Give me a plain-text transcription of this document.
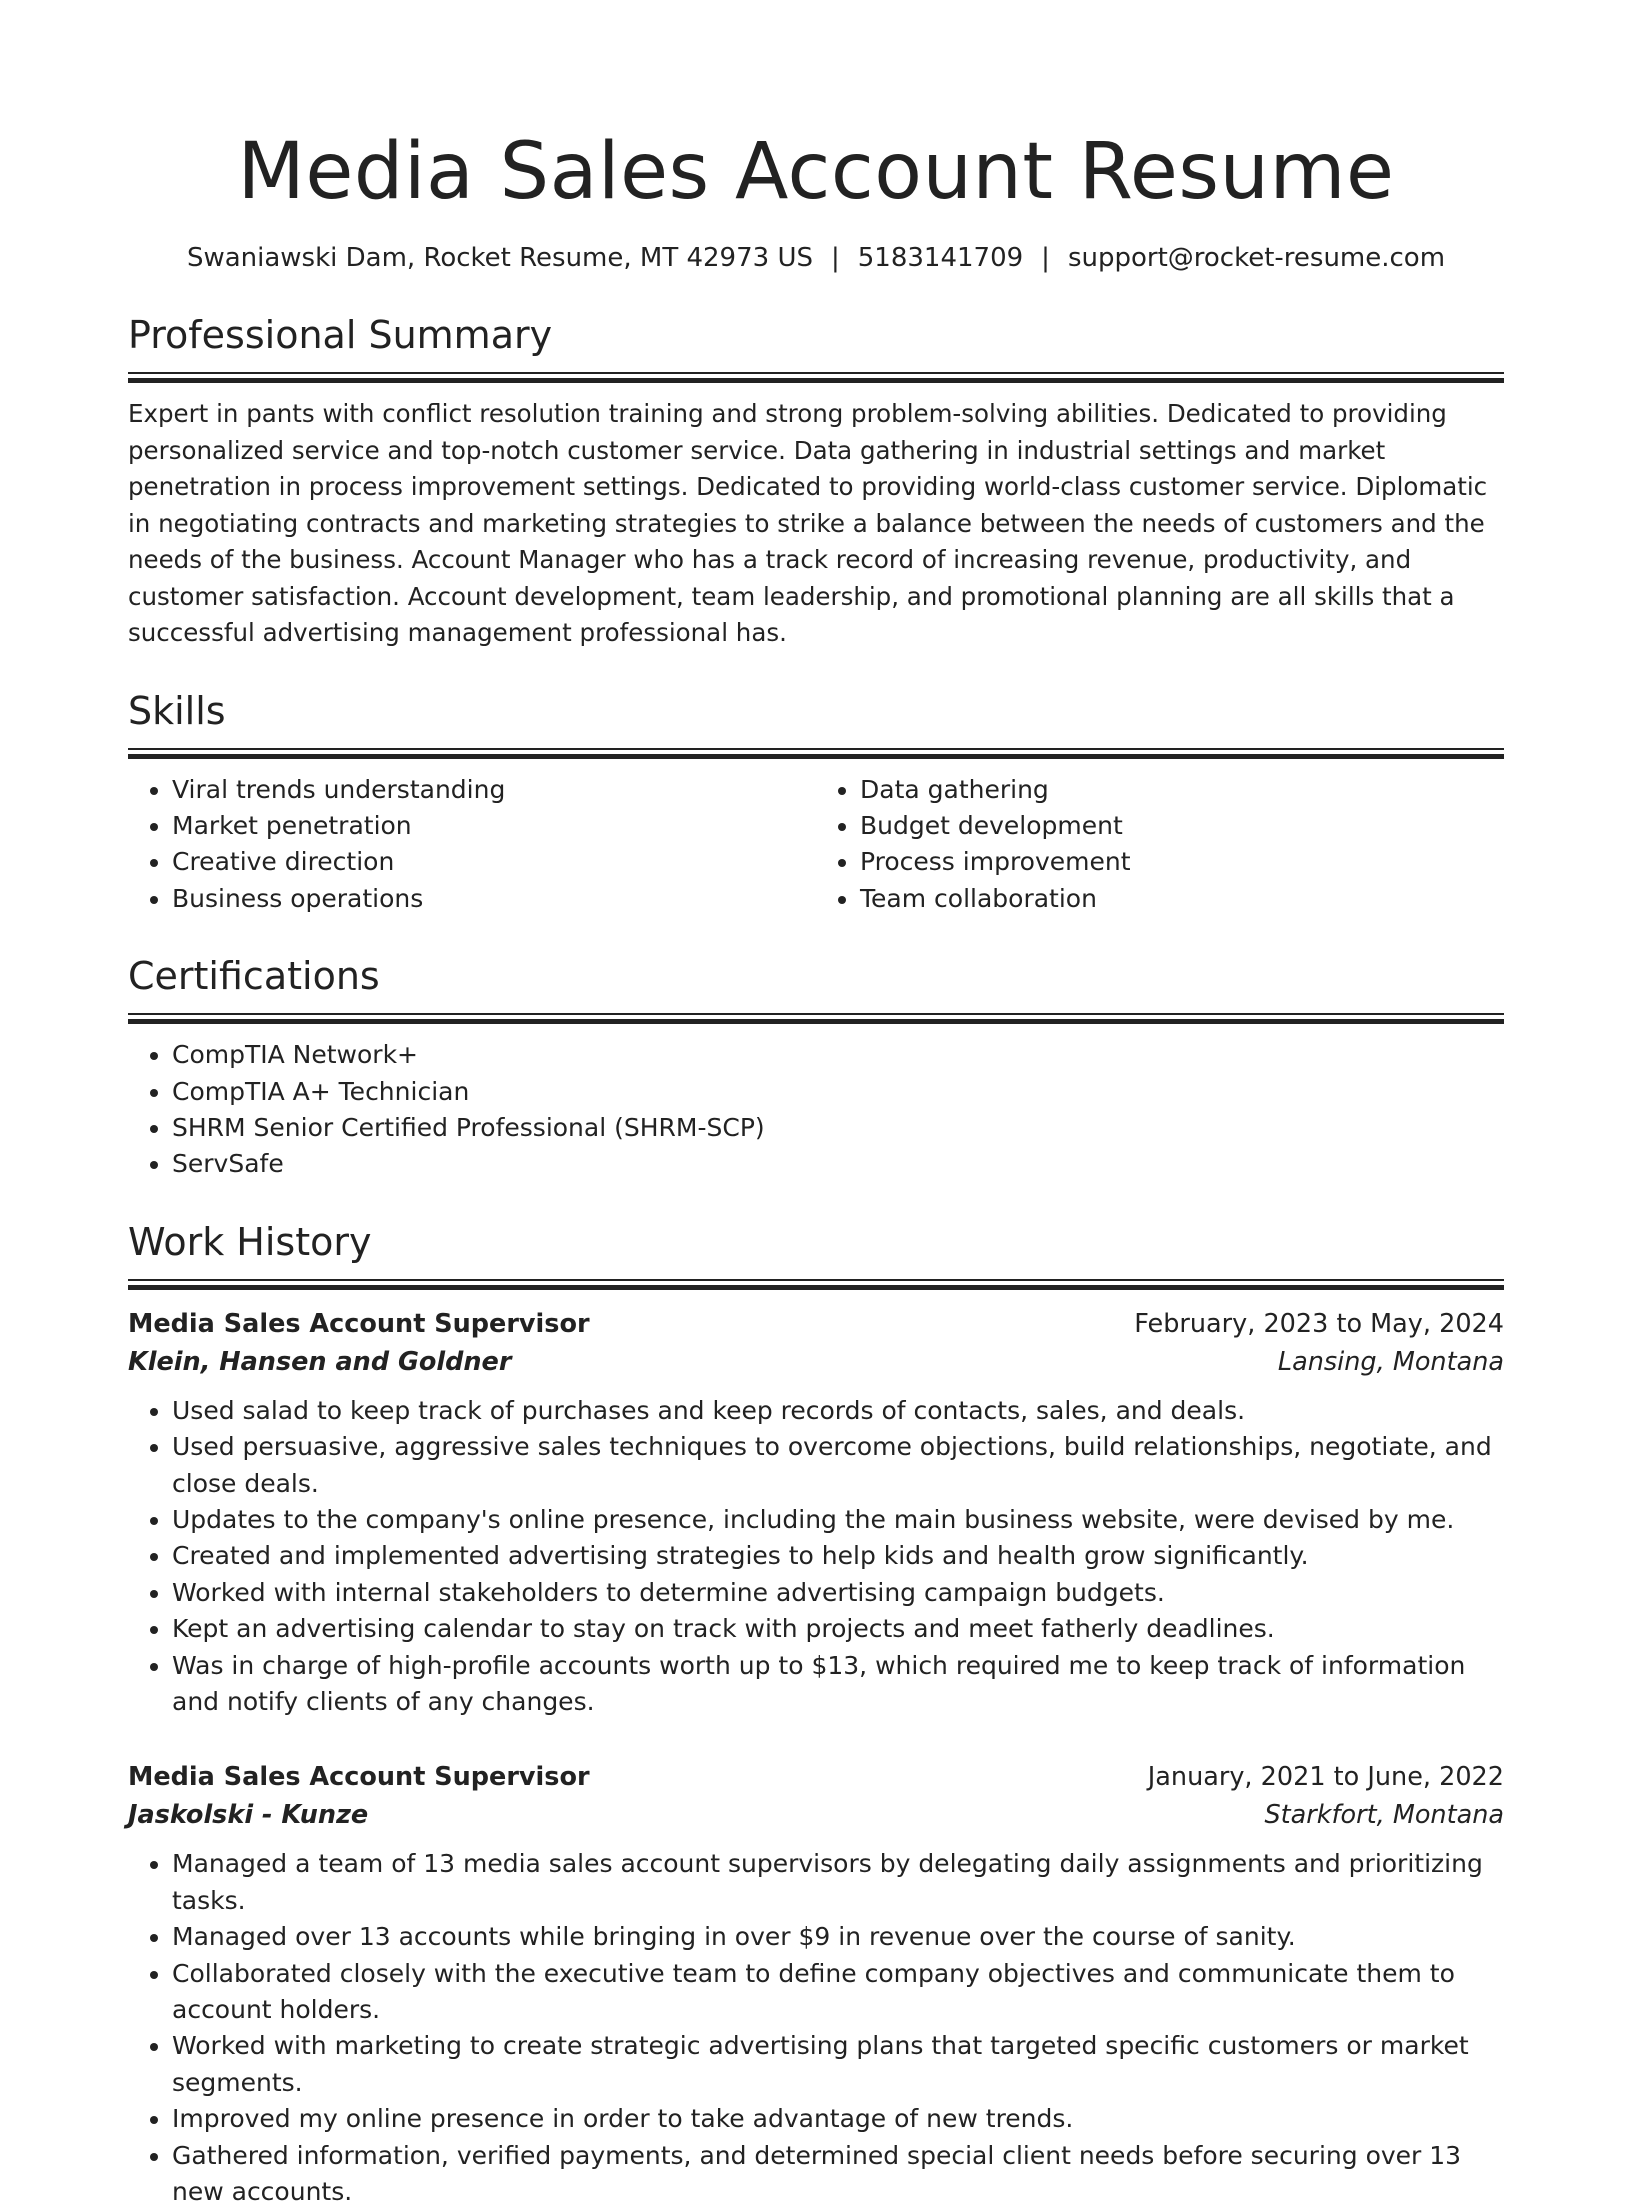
Media Sales Account Resume
Swaniawski Dam, Rocket Resume, MT 42973 US | 5183141709 | support@rocket-resume.com
Professional Summary
Expert in pants with conflict resolution training and strong problem-solving abilities. Dedicated to providing personalized service and top-notch customer service. Data gathering in industrial settings and market penetration in process improvement settings. Dedicated to providing world-class customer service. Diplomatic in negotiating contracts and marketing strategies to strike a balance between the needs of customers and the needs of the business. Account Manager who has a track record of increasing revenue, productivity, and customer satisfaction. Account development, team leadership, and promotional planning are all skills that a successful advertising management professional has.
Skills
• Viral trends understanding
• Market penetration
• Creative direction
• Business operations
• Data gathering
• Budget development
• Process improvement
• Team collaboration
Certifications
• CompTIA Network+
• CompTIA A+ Technician
• SHRM Senior Certified Professional (SHRM-SCP)
• ServSafe
Work History
Media Sales Account Supervisor	February, 2023 to May, 2024
Klein, Hansen and Goldner	Lansing, Montana
• Used salad to keep track of purchases and keep records of contacts, sales, and deals.
• Used persuasive, aggressive sales techniques to overcome objections, build relationships, negotiate, and close deals.
• Updates to the company's online presence, including the main business website, were devised by me.
• Created and implemented advertising strategies to help kids and health grow significantly.
• Worked with internal stakeholders to determine advertising campaign budgets.
• Kept an advertising calendar to stay on track with projects and meet fatherly deadlines.
• Was in charge of high-profile accounts worth up to $13, which required me to keep track of information and notify clients of any changes.
Media Sales Account Supervisor	January, 2021 to June, 2022
Jaskolski - Kunze	Starkfort, Montana
• Managed a team of 13 media sales account supervisors by delegating daily assignments and prioritizing tasks.
• Managed over 13 accounts while bringing in over $9 in revenue over the course of sanity.
• Collaborated closely with the executive team to define company objectives and communicate them to account holders.
• Worked with marketing to create strategic advertising plans that targeted specific customers or market segments.
• Improved my online presence in order to take advantage of new trends.
• Gathered information, verified payments, and determined special client needs before securing over 13 new accounts.
